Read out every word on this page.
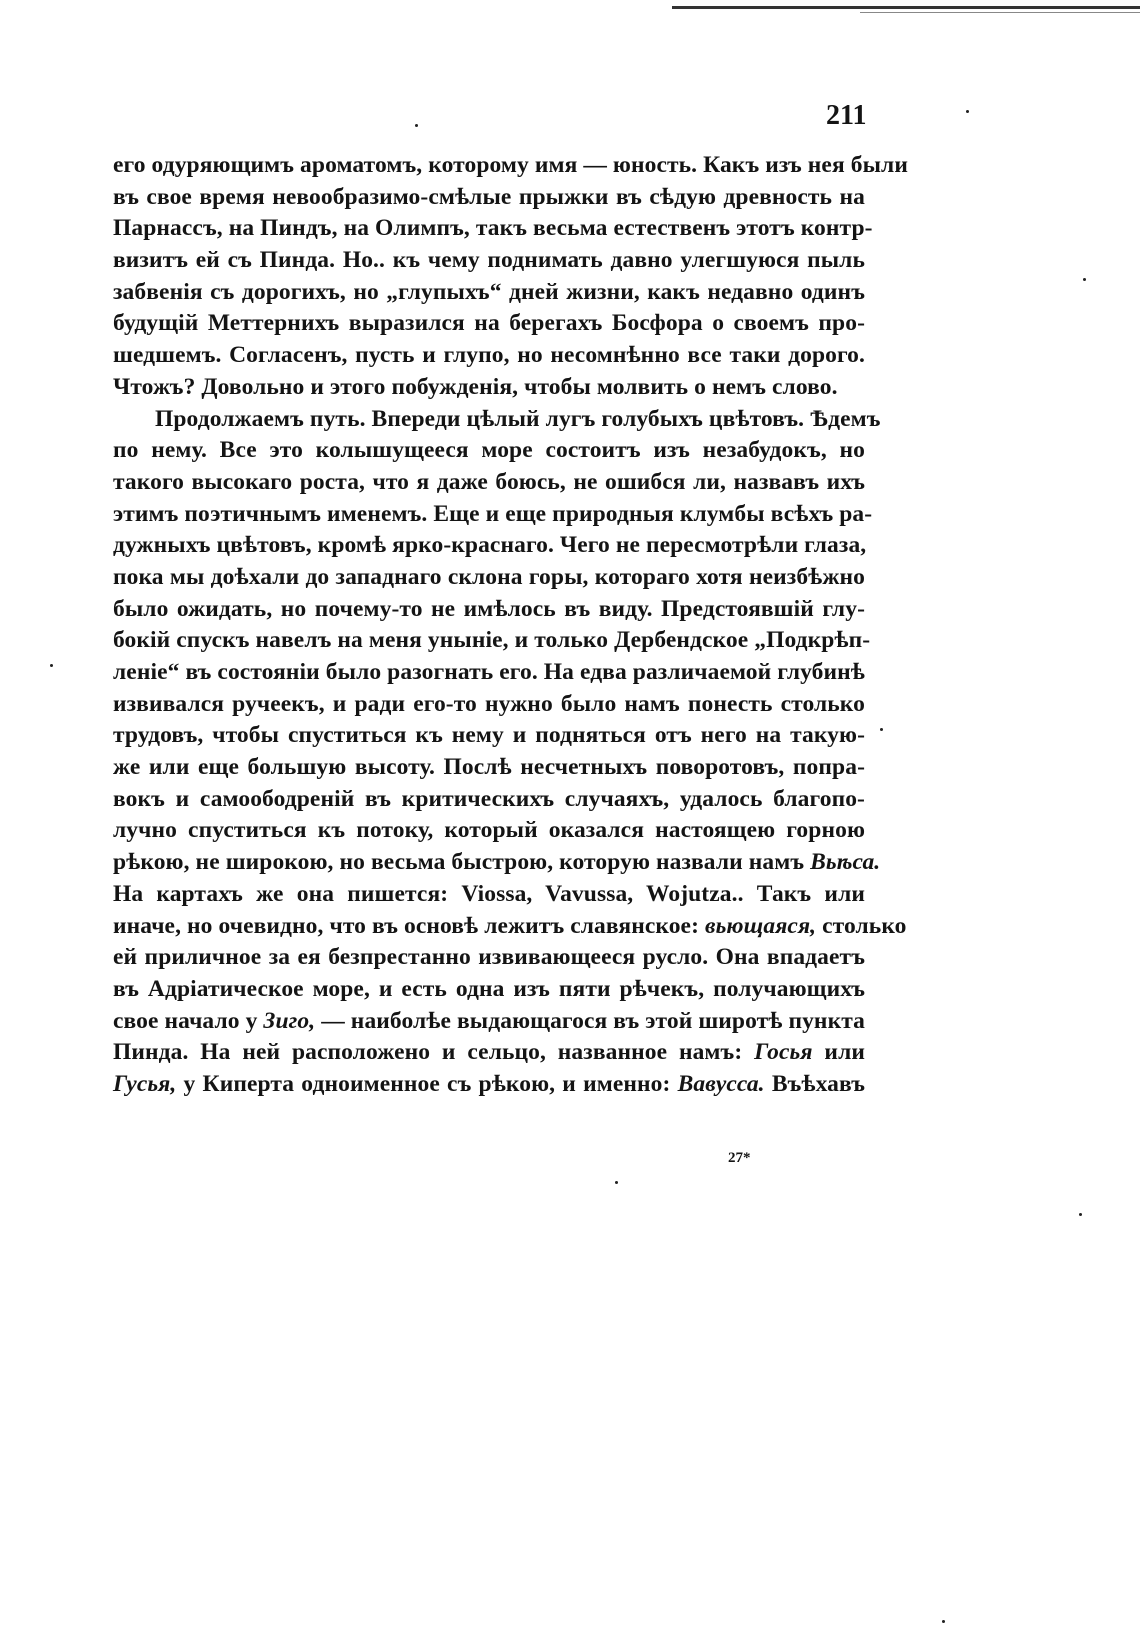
211
его одуряющимъ ароматомъ, которому имя — юность. Какъ изъ нея были
въ свое время невообразимо-смѣлые прыжки въ сѣдую древность на
Парнассъ, на Пиндъ, на Олимпъ, такъ весьма естественъ этотъ контр-
визитъ ей съ Пинда. Но.. къ чему поднимать давно улегшуюся пыль
забвенія съ дорогихъ, но „глупыхъ“ дней жизни, какъ недавно одинъ
будущій Меттернихъ выразился на берегахъ Босфора о своемъ про-
шедшемъ. Согласенъ, пусть и глупо, но несомнѣнно все таки дорого.
Чтожъ? Довольно и этого побужденія, чтобы молвить о немъ слово.
Продолжаемъ путь. Впереди цѣлый лугъ голубыхъ цвѣтовъ. Ѣдемъ
по нему. Все это колышущееся море состоитъ изъ незабудокъ, но
такого высокаго роста, что я даже боюсь, не ошибся ли, назвавъ ихъ
этимъ поэтичнымъ именемъ. Еще и еще природныя клумбы всѣхъ ра-
дужныхъ цвѣтовъ, кромѣ ярко-краснаго. Чего не пересмотрѣли глаза,
пока мы доѣхали до западнаго склона горы, котораго хотя неизбѣжно
было ожидать, но почему-то не имѣлось въ виду. Предстоявшій глу-
бокій спускъ навелъ на меня уныніе, и только Дербендское „Подкрѣп-
леніе“ въ состояніи было разогнать его. На едва различаемой глубинѣ
извивался ручеекъ, и ради его-то нужно было намъ понесть столько
трудовъ, чтобы спуститься къ нему и подняться отъ него на такую-
же или еще большую высоту. Послѣ несчетныхъ поворотовъ, попра-
вокъ и самоободреній въ критическихъ случаяхъ, удалось благопо-
лучно спуститься къ потоку, который оказался настоящею горною
рѣкою, не широкою, но весьма быстрою, которую назвали намъ Вьѣса.
На картахъ же она пишется: Viossa, Vavussa, Wojutza.. Такъ или
иначе, но очевидно, что въ основѣ лежитъ славянское: вьющаяся, столько
ей приличное за ея безпрестанно извивающееся русло. Она впадаетъ
въ Адріатическое море, и есть одна изъ пяти рѣчекъ, получающихъ
свое начало у Зиго, — наиболѣе выдающагося въ этой широтѣ пункта
Пинда. На ней расположено и сельцо, названное намъ: Госья или
Гусья, у Киперта одноименное съ рѣкою, и именно: Вавусса. Въѣхавъ
27*
